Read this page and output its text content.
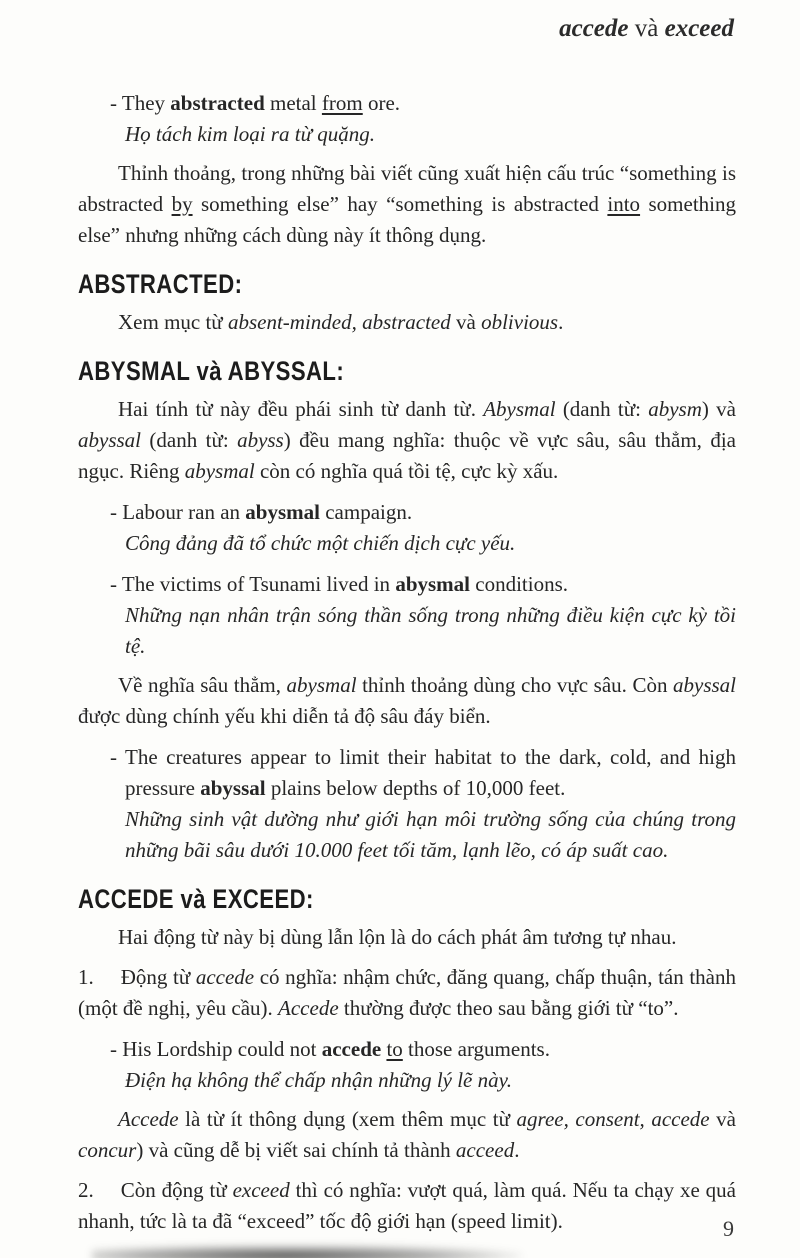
accede và exceed
- They abstracted metal from ore.
Họ tách kim loại ra từ quặng.

Thỉnh thoảng, trong những bài viết cũng xuất hiện cấu trúc “something is abstracted by something else” hay “something is abstracted into something else” nhưng những cách dùng này ít thông dụng.

ABSTRACTED:

Xem mục từ absent-minded, abstracted và oblivious.

ABYSMAL và ABYSSAL:

Hai tính từ này đều phái sinh từ danh từ. Abysmal (danh từ: abysm) và abyssal (danh từ: abyss) đều mang nghĩa: thuộc về vực sâu, sâu thẳm, địa ngục. Riêng abysmal còn có nghĩa quá tồi tệ, cực kỳ xấu.

- Labour ran an abysmal campaign.
Công đảng đã tổ chức một chiến dịch cực yếu.
- The victims of Tsunami lived in abysmal conditions.
Những nạn nhân trận sóng thần sống trong những điều kiện cực kỳ tồi tệ.

Về nghĩa sâu thẳm, abysmal thỉnh thoảng dùng cho vực sâu. Còn abyssal được dùng chính yếu khi diễn tả độ sâu đáy biển.

- The creatures appear to limit their habitat to the dark, cold, and high pressure abyssal plains below depths of 10,000 feet.
Những sinh vật dường như giới hạn môi trường sống của chúng trong những bãi sâu dưới 10.000 feet tối tăm, lạnh lẽo, có áp suất cao.
ACCEDE và EXCEED:

Hai động từ này bị dùng lẫn lộn là do cách phát âm tương tự nhau.

1. Động từ accede có nghĩa: nhậm chức, đăng quang, chấp thuận, tán thành (một đề nghị, yêu cầu). Accede thường được theo sau bằng giới từ “to”.

- His Lordship could not accede to those arguments.
Điện hạ không thể chấp nhận những lý lẽ này.

Accede là từ ít thông dụng (xem thêm mục từ agree, consent, accede và concur) và cũng dễ bị viết sai chính tả thành acceed.

2. Còn động từ exceed thì có nghĩa: vượt quá, làm quá. Nếu ta chạy xe quá nhanh, tức là ta đã “exceed” tốc độ giới hạn (speed limit).	9
